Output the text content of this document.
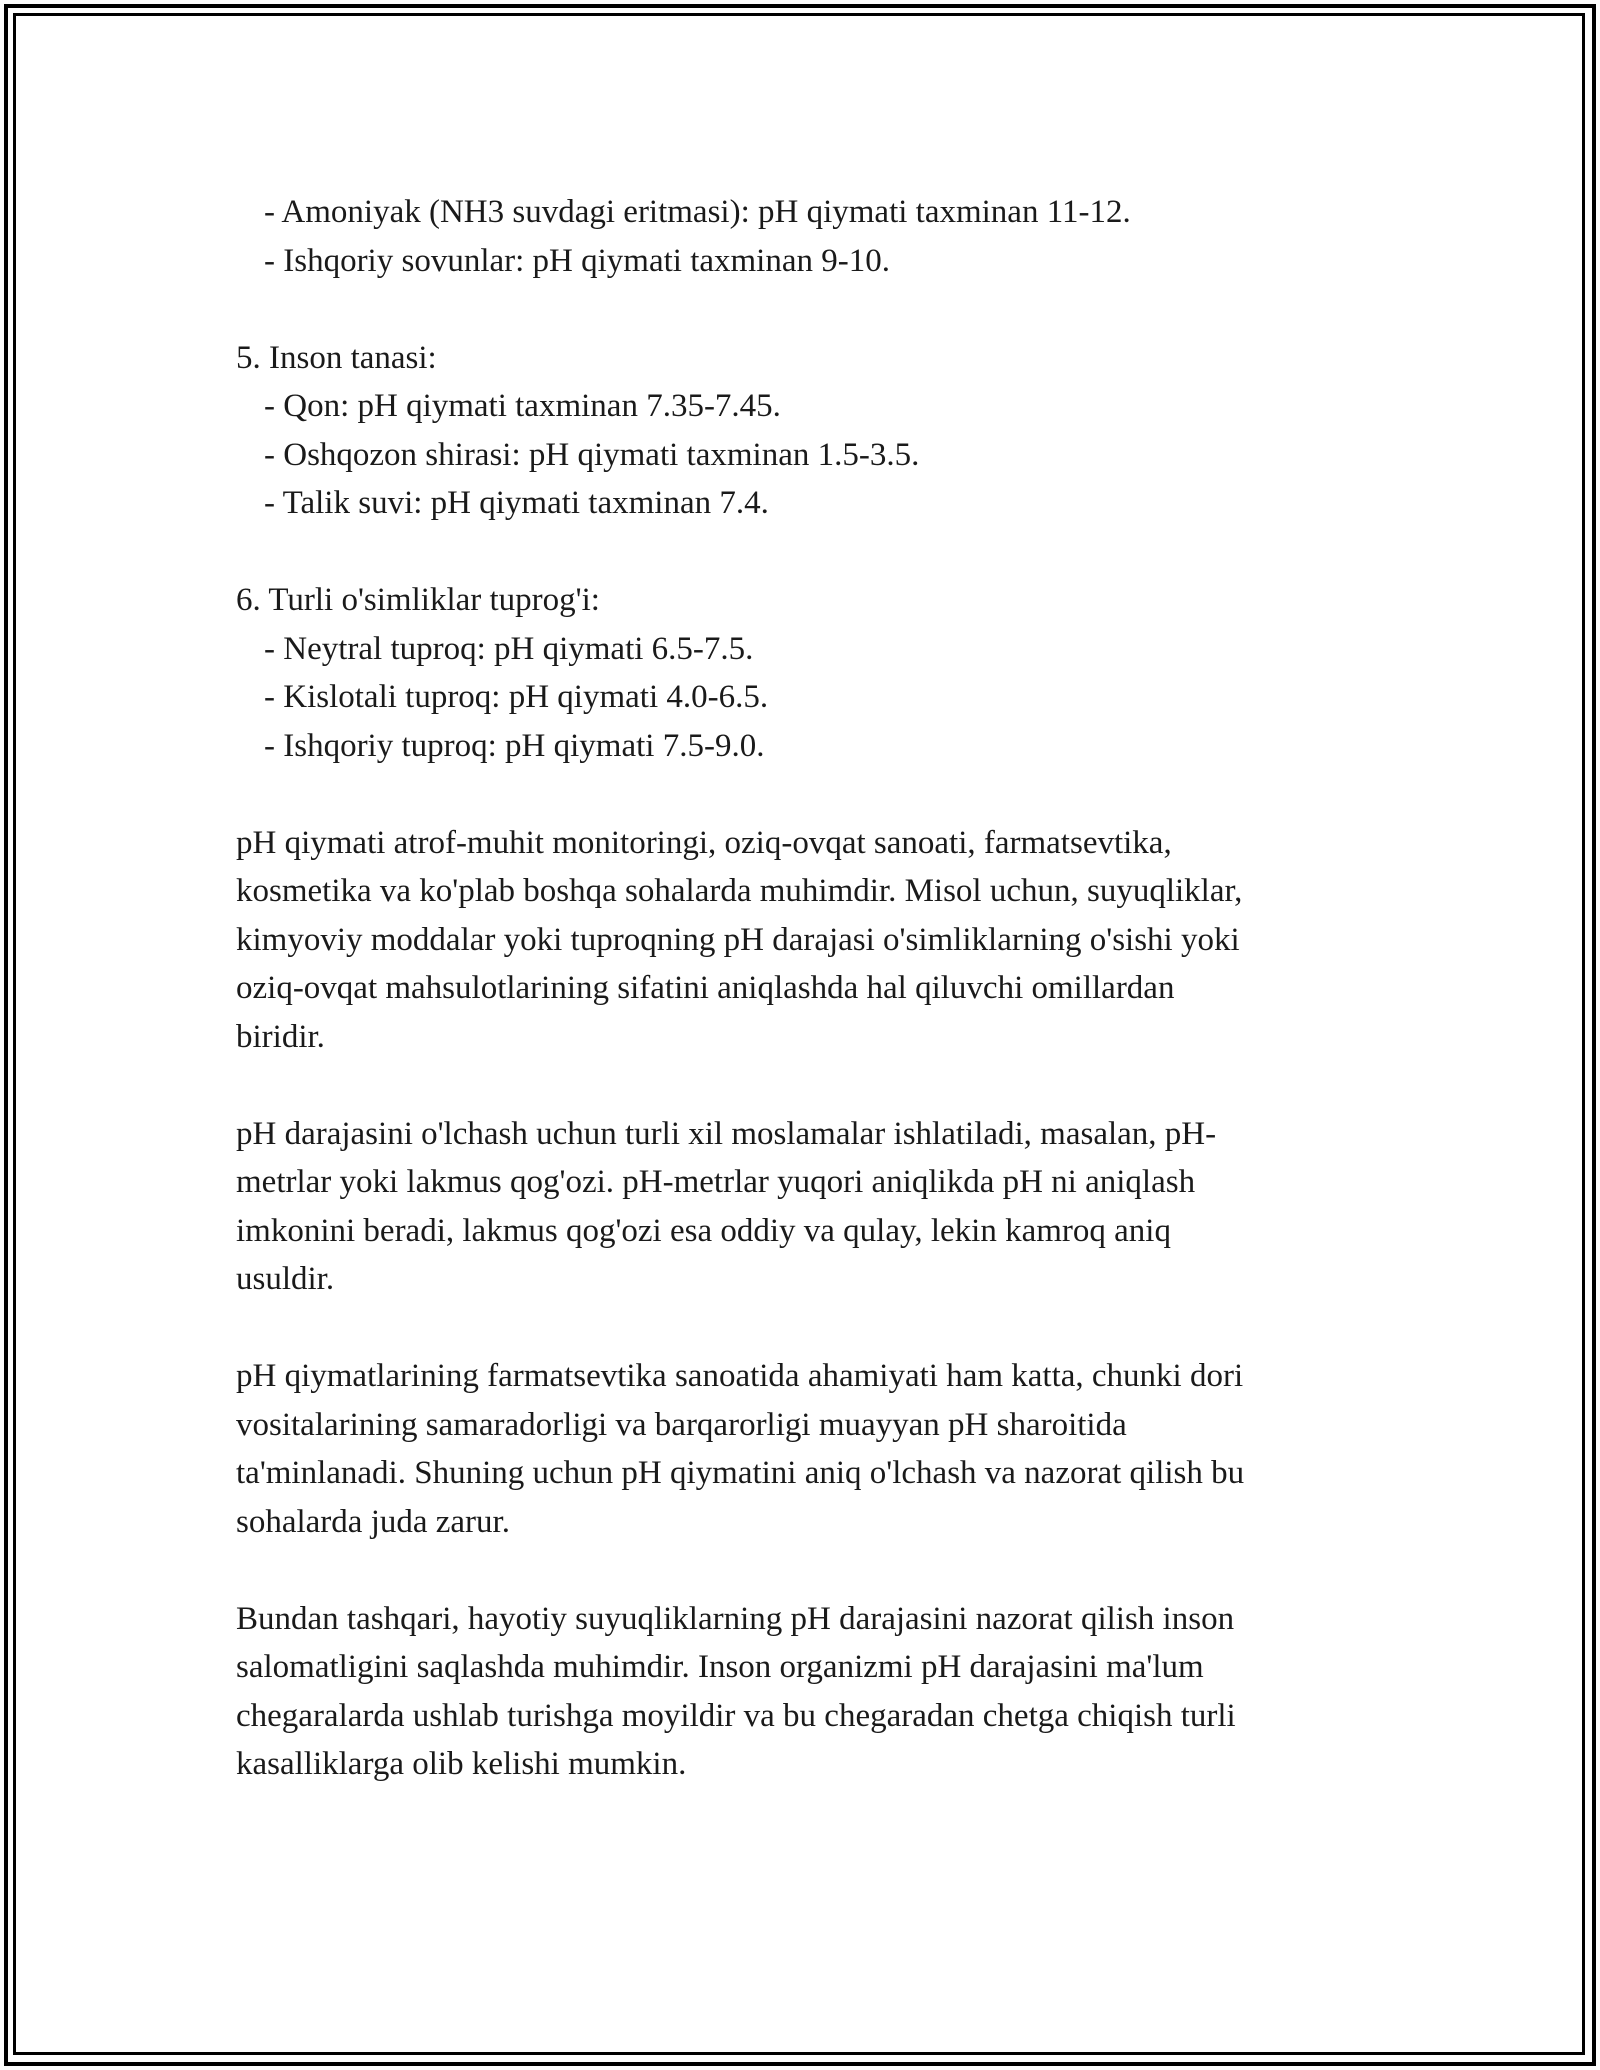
- Amoniyak (NH3 suvdagi eritmasi): pH qiymati taxminan 11-12.
- Ishqoriy sovunlar: pH qiymati taxminan 9-10.
5. Inson tanasi:
- Qon: pH qiymati taxminan 7.35-7.45.
- Oshqozon shirasi: pH qiymati taxminan 1.5-3.5.
- Talik suvi: pH qiymati taxminan 7.4.
6. Turli o'simliklar tuprog'i:
- Neytral tuproq: pH qiymati 6.5-7.5.
- Kislotali tuproq: pH qiymati 4.0-6.5.
- Ishqoriy tuproq: pH qiymati 7.5-9.0.
pH qiymati atrof-muhit monitoringi, oziq-ovqat sanoati, farmatsevtika,
kosmetika va ko'plab boshqa sohalarda muhimdir. Misol uchun, suyuqliklar,
kimyoviy moddalar yoki tuproqning pH darajasi o'simliklarning o'sishi yoki
oziq-ovqat mahsulotlarining sifatini aniqlashda hal qiluvchi omillardan
biridir.
pH darajasini o'lchash uchun turli xil moslamalar ishlatiladi, masalan, pH-
metrlar yoki lakmus qog'ozi. pH-metrlar yuqori aniqlikda pH ni aniqlash
imkonini beradi, lakmus qog'ozi esa oddiy va qulay, lekin kamroq aniq
usuldir.
pH qiymatlarining farmatsevtika sanoatida ahamiyati ham katta, chunki dori
vositalarining samaradorligi va barqarorligi muayyan pH sharoitida
ta'minlanadi. Shuning uchun pH qiymatini aniq o'lchash va nazorat qilish bu
sohalarda juda zarur.
Bundan tashqari, hayotiy suyuqliklarning pH darajasini nazorat qilish inson
salomatligini saqlashda muhimdir. Inson organizmi pH darajasini ma'lum
chegaralarda ushlab turishga moyildir va bu chegaradan chetga chiqish turli
kasalliklarga olib kelishi mumkin.
